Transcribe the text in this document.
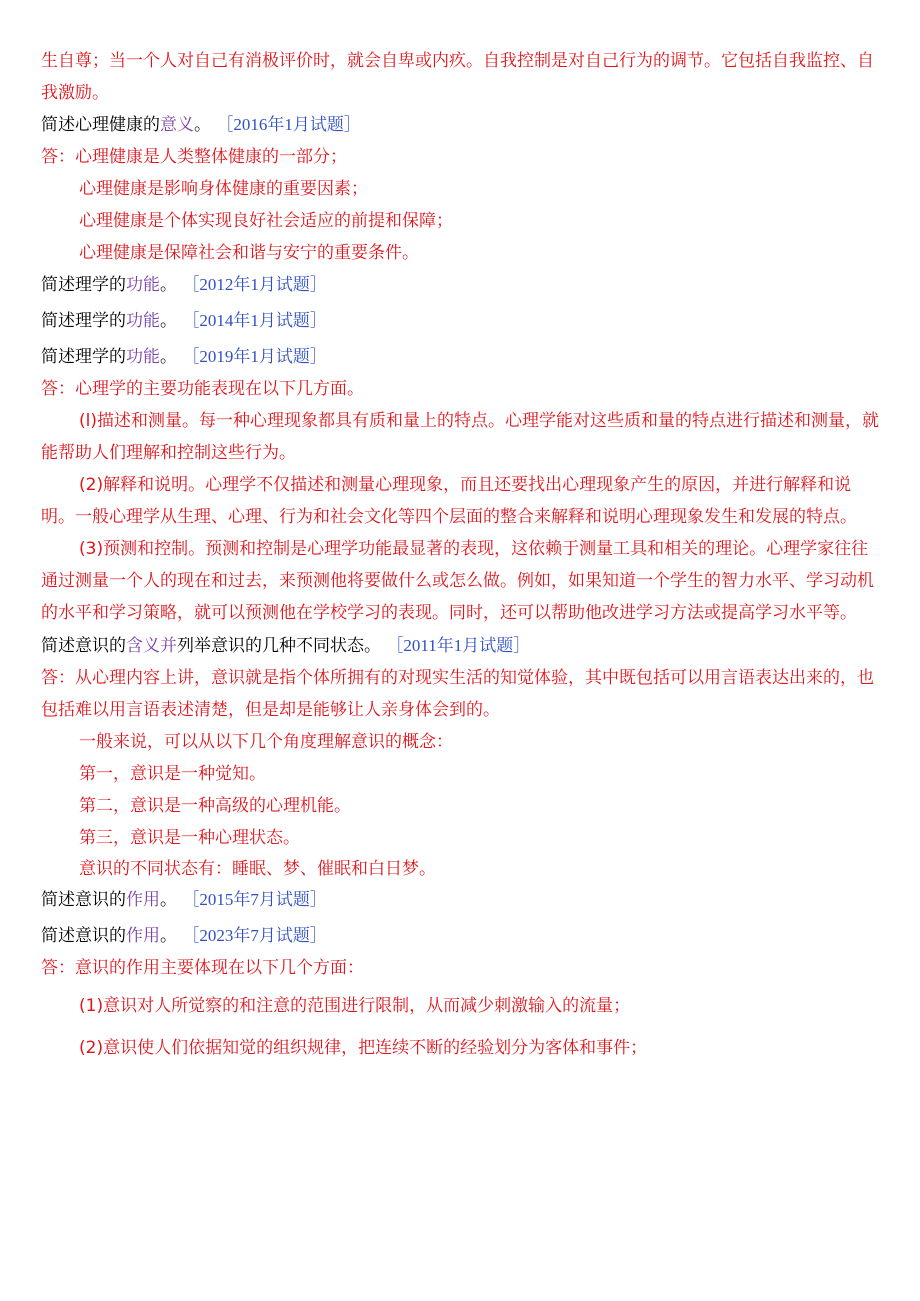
生自尊；当一个人对自己有消极评价时，就会自卑或内疚。自我控制是对自己行为的调节。它包括自我监控、自我激励。
简述心理健康的意义。 ［2016年1月试题］
答：心理健康是人类整体健康的一部分；
心理健康是影响身体健康的重要因素；
心理健康是个体实现良好社会适应的前提和保障；
心理健康是保障社会和谐与安宁的重要条件。
简述理学的功能。 ［2012年1月试题］
简述理学的功能。 ［2014年1月试题］
简述理学的功能。 ［2019年1月试题］
答：心理学的主要功能表现在以下几方面。
(l)描述和测量。每一种心理现象都具有质和量上的特点。心理学能对这些质和量的特点进行描述和测量，就能帮助人们理解和控制这些行为。
(2)解释和说明。心理学不仅描述和测量心理现象，而且还要找出心理现象产生的原因，并进行解释和说明。一般心理学从生理、心理、行为和社会文化等四个层面的整合来解释和说明心理现象发生和发展的特点。
(3)预测和控制。预测和控制是心理学功能最显著的表现，这依赖于测量工具和相关的理论。心理学家往往通过测量一个人的现在和过去，来预测他将要做什么或怎么做。例如，如果知道一个学生的智力水平、学习动机的水平和学习策略，就可以预测他在学校学习的表现。同时，还可以帮助他改进学习方法或提高学习水平等。
简述意识的含义并列举意识的几种不同状态。 ［2011年1月试题］
答：从心理内容上讲，意识就是指个体所拥有的对现实生活的知觉体验，其中既包括可以用言语表达出来的，也包括难以用言语表述清楚，但是却是能够让人亲身体会到的。
一般来说，可以从以下几个角度理解意识的概念：
第一，意识是一种觉知。
第二，意识是一种高级的心理机能。
第三，意识是一种心理状态。
意识的不同状态有：睡眠、梦、催眠和白日梦。
简述意识的作用。 ［2015年7月试题］
简述意识的作用。 ［2023年7月试题］
答：意识的作用主要体现在以下几个方面：
(1)意识对人所觉察的和注意的范围进行限制，从而减少刺激输入的流量；
(2)意识使人们依据知觉的组织规律，把连续不断的经验划分为客体和事件；
